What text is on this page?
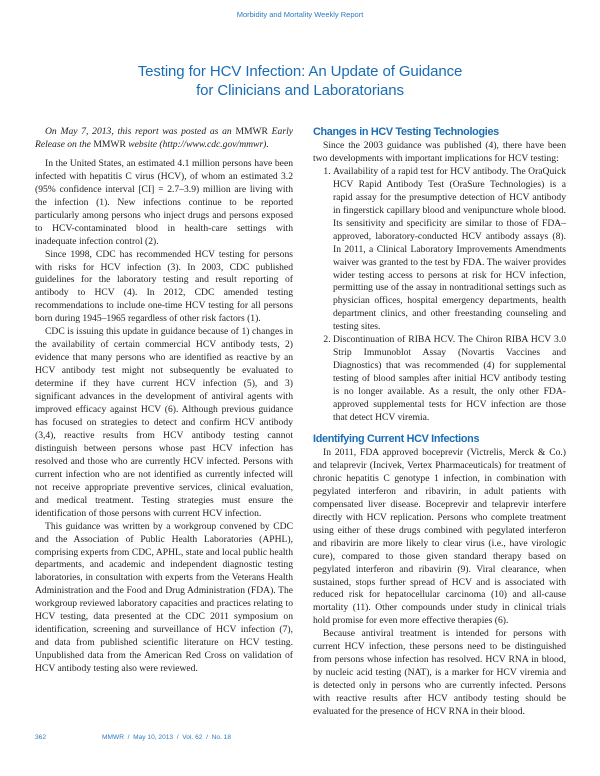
Morbidity and Mortality Weekly Report
Testing for HCV Infection: An Update of Guidance
for Clinicians and Laboratorians

On May 7, 2013, this report was posted as an MMWR Early Release on the MMWR website (http://www.cdc.gov/mmwr).

In the United States, an estimated 4.1 million persons have been infected with hepatitis C virus (HCV), of whom an estimated 3.2 (95% confidence interval [CI] = 2.7–3.9) million are living with the infection (1). New infections continue to be reported particularly among persons who inject drugs and persons exposed to HCV-contaminated blood in health-care settings with inadequate infection control (2).

Since 1998, CDC has recommended HCV testing for persons with risks for HCV infection (3). In 2003, CDC published guidelines for the laboratory testing and result reporting of antibody to HCV (4). In 2012, CDC amended testing recommendations to include one-time HCV testing for all persons born during 1945–1965 regardless of other risk factors (1).

CDC is issuing this update in guidance because of 1) changes in the availability of certain commercial HCV antibody tests, 2) evidence that many persons who are identified as reactive by an HCV antibody test might not subsequently be evaluated to determine if they have current HCV infection (5), and 3) significant advances in the development of antiviral agents with improved efficacy against HCV (6). Although previous guidance has focused on strategies to detect and confirm HCV antibody (3,4), reactive results from HCV antibody testing cannot distinguish between persons whose past HCV infection has resolved and those who are currently HCV infected. Persons with current infection who are not identified as currently infected will not receive appropriate preventive services, clinical evaluation, and medical treatment. Testing strategies must ensure the identification of those persons with current HCV infection.

This guidance was written by a workgroup convened by CDC and the Association of Public Health Laboratories (APHL), comprising experts from CDC, APHL, state and local public health departments, and academic and independent diagnostic testing laboratories, in consultation with experts from the Veterans Health Administration and the Food and Drug Administration (FDA). The workgroup reviewed laboratory capacities and practices relating to HCV testing, data presented at the CDC 2011 symposium on identification, screening and surveillance of HCV infection (7), and data from published scientific literature on HCV testing. Unpublished data from the American Red Cross on validation of HCV antibody testing also were reviewed.

Changes in HCV Testing Technologies

Since the 2003 guidance was published (4), there have been two developments with important implications for HCV testing:

1. Availability of a rapid test for HCV antibody. The OraQuick HCV Rapid Antibody Test (OraSure Technologies) is a rapid assay for the presumptive detection of HCV antibody in fingerstick capillary blood and venipuncture whole blood. Its sensitivity and specificity are similar to those of FDA–approved, laboratory-conducted HCV antibody assays (8). In 2011, a Clinical Laboratory Improvements Amendments waiver was granted to the test by FDA. The waiver provides wider testing access to persons at risk for HCV infection, permitting use of the assay in nontraditional settings such as physician offices, hospital emergency departments, health department clinics, and other freestanding counseling and testing sites.
2. Discontinuation of RIBA HCV. The Chiron RIBA HCV 3.0 Strip Immunoblot Assay (Novartis Vaccines and Diagnostics) that was recommended (4) for supplemental testing of blood samples after initial HCV antibody testing is no longer available. As a result, the only other FDA-approved supplemental tests for HCV infection are those that detect HCV viremia.
Identifying Current HCV Infections

In 2011, FDA approved boceprevir (Victrelis, Merck & Co.) and telaprevir (Incivek, Vertex Pharmaceuticals) for treatment of chronic hepatitis C genotype 1 infection, in combination with pegylated interferon and ribavirin, in adult patients with compensated liver disease. Boceprevir and telaprevir interfere directly with HCV replication. Persons who complete treatment using either of these drugs combined with pegylated interferon and ribavirin are more likely to clear virus (i.e., have virologic cure), compared to those given standard therapy based on pegylated interferon and ribavirin (9). Viral clearance, when sustained, stops further spread of HCV and is associated with reduced risk for hepatocellular carcinoma (10) and all-cause mortality (11). Other compounds under study in clinical trials hold promise for even more effective therapies (6).

Because antiviral treatment is intended for persons with current HCV infection, these persons need to be distinguished from persons whose infection has resolved. HCV RNA in blood, by nucleic acid testing (NAT), is a marker for HCV viremia and is detected only in persons who are currently infected. Persons with reactive results after HCV antibody testing should be evaluated for the presence of HCV RNA in their blood.

362	MMWR  /  May 10, 2013  /  Vol. 62  /  No. 18
